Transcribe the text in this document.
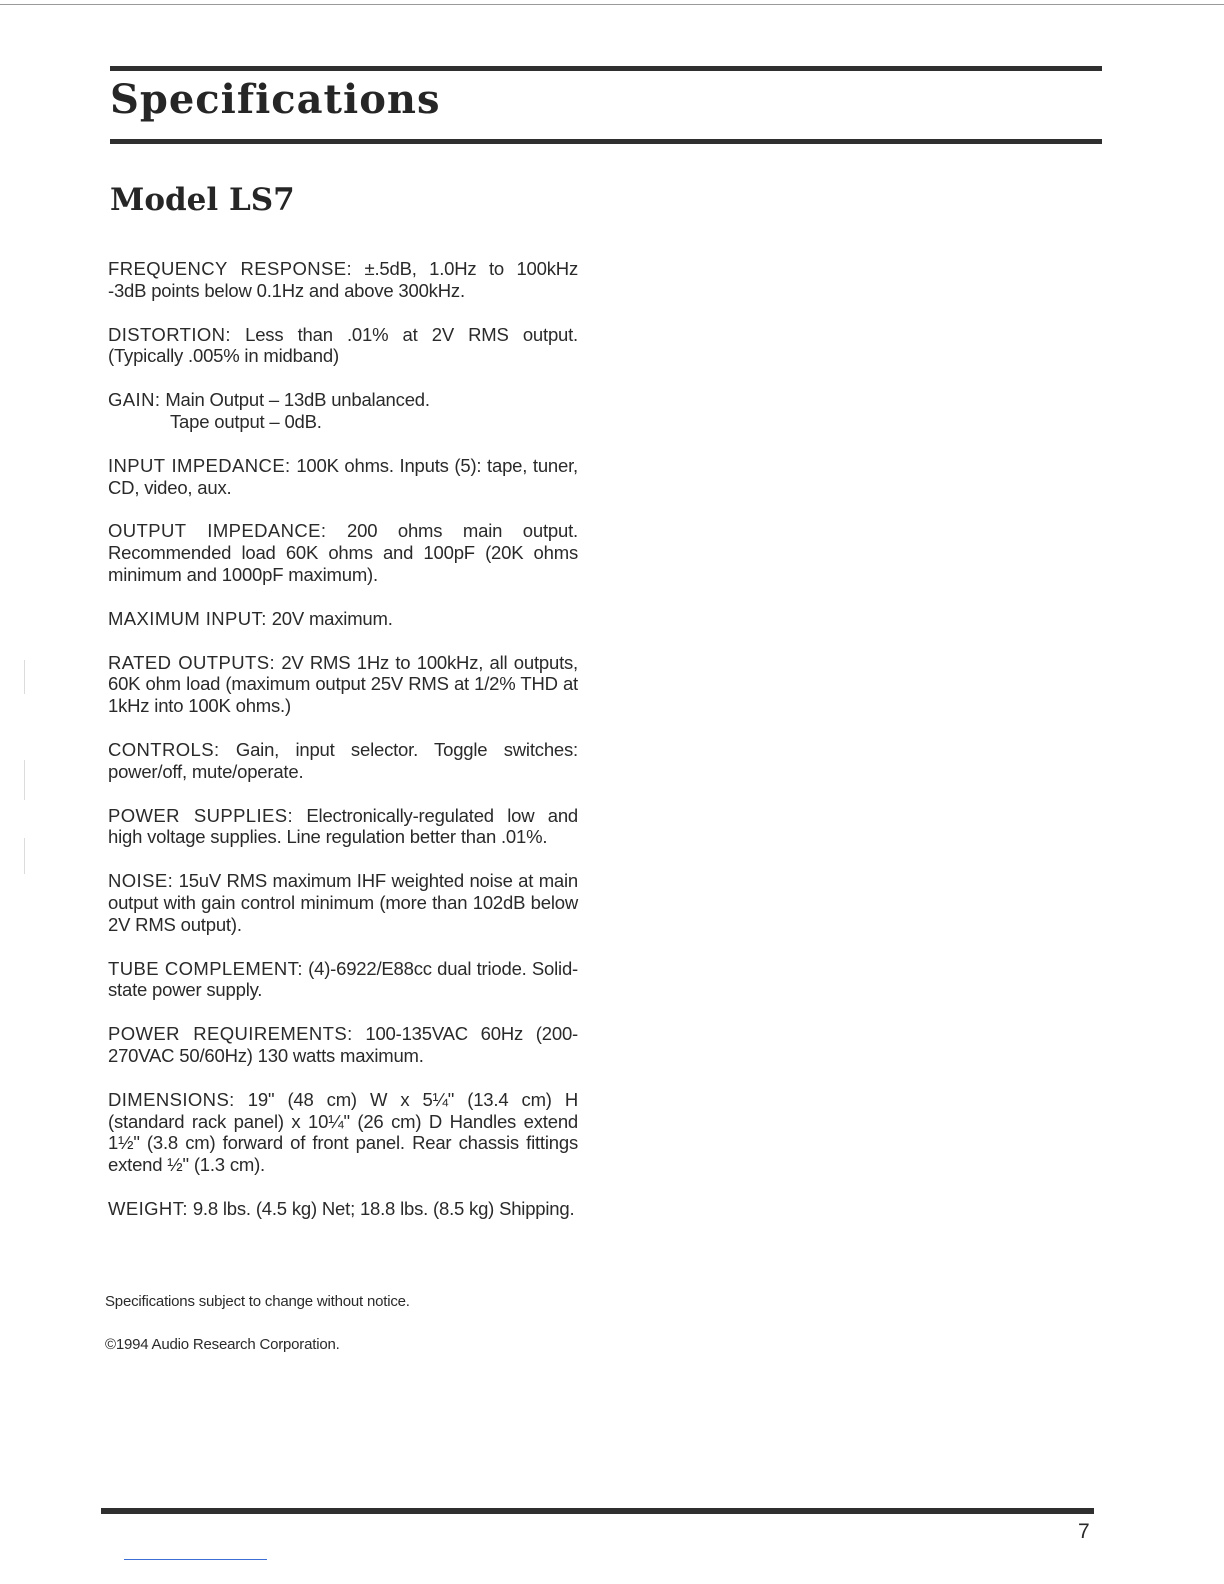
Specifications
Model LS7
FREQUENCY RESPONSE: ±.5dB, 1.0Hz to 100kHz -3dB points below 0.1Hz and above 300kHz.
DISTORTION: Less than .01% at 2V RMS output. (Typically .005% in midband)
GAIN: Main Output – 13dB unbalanced.
Tape output – 0dB.
INPUT IMPEDANCE: 100K ohms. Inputs (5): tape, tuner, CD, video, aux.
OUTPUT IMPEDANCE: 200 ohms main output. Recommended load 60K ohms and 100pF (20K ohms minimum and 1000pF maximum).
MAXIMUM INPUT: 20V maximum.
RATED OUTPUTS: 2V RMS 1Hz to 100kHz, all outputs, 60K ohm load (maximum output 25V RMS at 1/2% THD at 1kHz into 100K ohms.)
CONTROLS: Gain, input selector. Toggle switches: power/off, mute/operate.
POWER SUPPLIES: Electronically-regulated low and high voltage supplies. Line regulation better than .01%.
NOISE: 15uV RMS maximum IHF weighted noise at main output with gain control minimum (more than 102dB below 2V RMS output).
TUBE COMPLEMENT: (4)-6922/E88cc dual triode. Solid-state power supply.
POWER REQUIREMENTS: 100-135VAC 60Hz (200-270VAC 50/60Hz) 130 watts maximum.
DIMENSIONS: 19" (48 cm) W x 5¼" (13.4 cm) H (standard rack panel) x 10¼" (26 cm) D Handles extend 1½" (3.8 cm) forward of front panel. Rear chassis fittings extend ½" (1.3 cm).
WEIGHT: 9.8 lbs. (4.5 kg) Net; 18.8 lbs. (8.5 kg) Shipping.

Specifications subject to change without notice.

©1994 Audio Research Corporation.

7
